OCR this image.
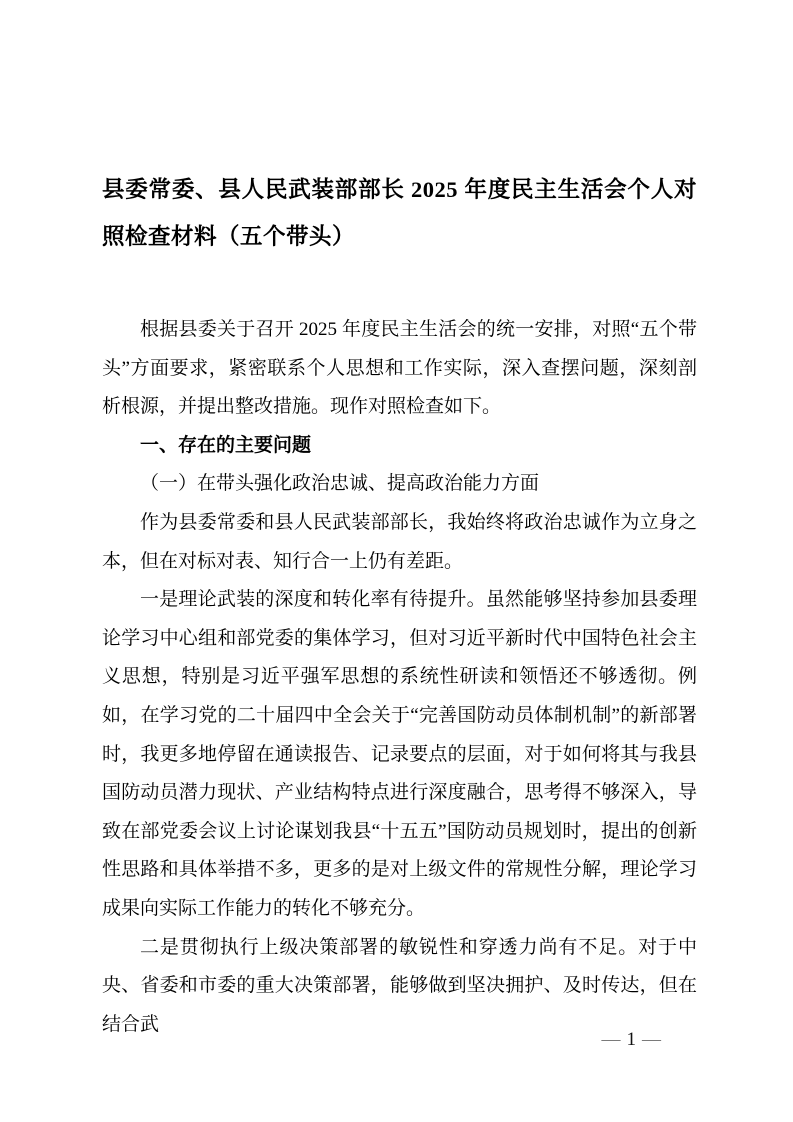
县委常委、县人民武装部部长 2025 年度民主生活会个人对照检查材料（五个带头）

根据县委关于召开 2025 年度民主生活会的统一安排，对照“五个带头”方面要求，紧密联系个人思想和工作实际，深入查摆问题，深刻剖析根源，并提出整改措施。现作对照检查如下。

一、存在的主要问题
（一）在带头强化政治忠诚、提高政治能力方面

作为县委常委和县人民武装部部长，我始终将政治忠诚作为立身之本，但在对标对表、知行合一上仍有差距。

一是理论武装的深度和转化率有待提升。虽然能够坚持参加县委理论学习中心组和部党委的集体学习，但对习近平新时代中国特色社会主义思想，特别是习近平强军思想的系统性研读和领悟还不够透彻。例如，在学习党的二十届四中全会关于“完善国防动员体制机制”的新部署时，我更多地停留在通读报告、记录要点的层面，对于如何将其与我县国防动员潜力现状、产业结构特点进行深度融合，思考得不够深入，导致在部党委会议上讨论谋划我县“十五五”国防动员规划时，提出的创新性思路和具体举措不多，更多的是对上级文件的常规性分解，理论学习成果向实际工作能力的转化不够充分。

二是贯彻执行上级决策部署的敏锐性和穿透力尚有不足。对于中央、省委和市委的重大决策部署，能够做到坚决拥护、及时传达，但在结合武

— 1 —
